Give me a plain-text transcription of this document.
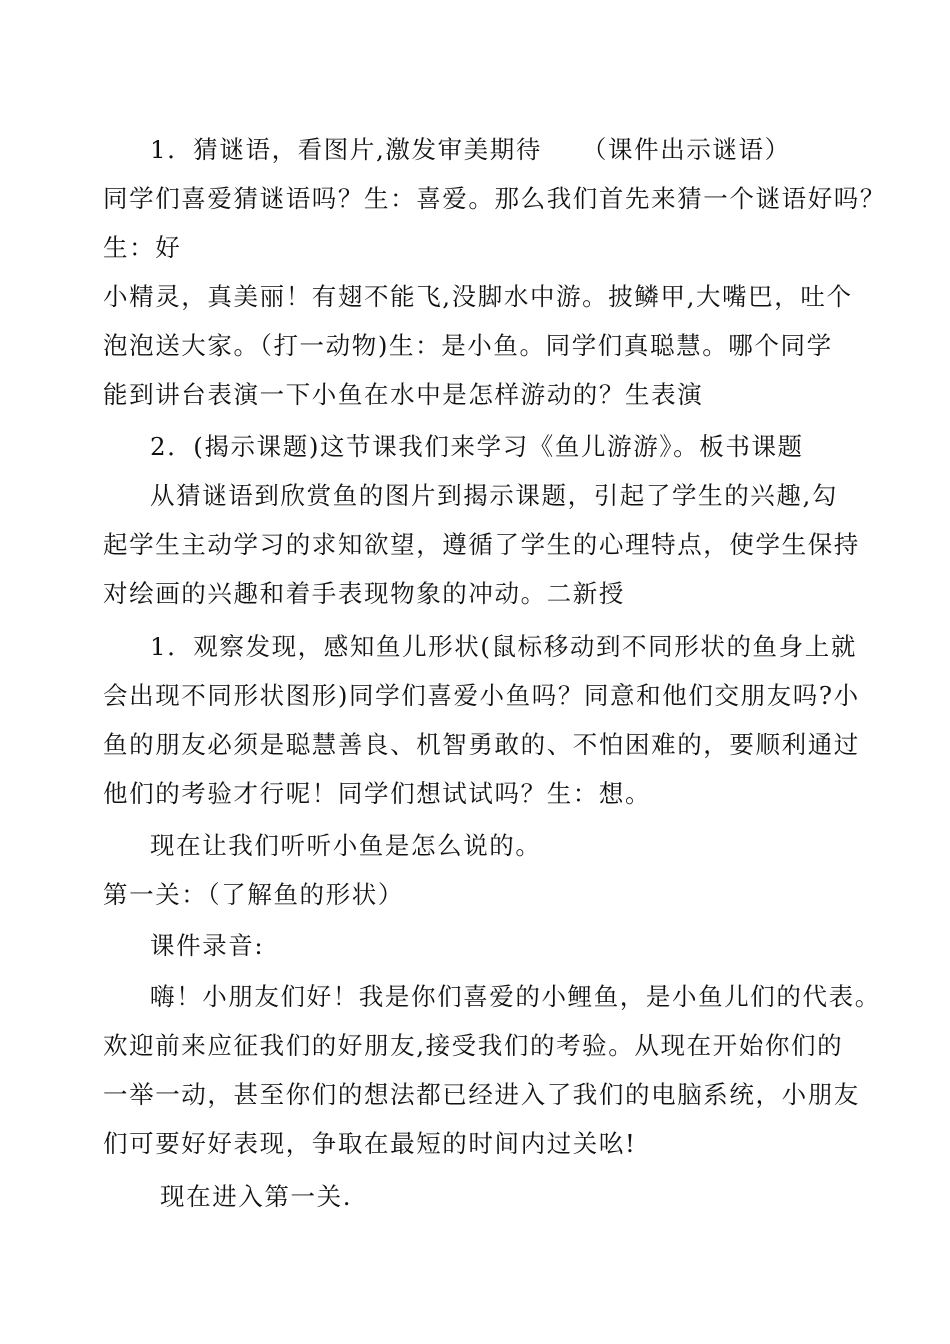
1．猜谜语，看图片,激发审美期待　　（课件出示谜语）
同学们喜爱猜谜语吗？生：喜爱。那么我们首先来猜一个谜语好吗？
生：好
小精灵，真美丽！有翅不能飞,没脚水中游。披鳞甲,大嘴巴，吐个
泡泡送大家。（打一动物)生：是小鱼。同学们真聪慧。哪个同学
能到讲台表演一下小鱼在水中是怎样游动的？生表演
2．(揭示课题)这节课我们来学习《鱼儿游游》。板书课题
从猜谜语到欣赏鱼的图片到揭示课题，引起了学生的兴趣,勾
起学生主动学习的求知欲望，遵循了学生的心理特点，使学生保持
对绘画的兴趣和着手表现物象的冲动。二新授
1．观察发现，感知鱼儿形状(鼠标移动到不同形状的鱼身上就
会出现不同形状图形)同学们喜爱小鱼吗？同意和他们交朋友吗?小
鱼的朋友必须是聪慧善良、机智勇敢的、不怕困难的，要顺利通过
他们的考验才行呢！同学们想试试吗？生：想。
现在让我们听听小鱼是怎么说的。
第一关：（了解鱼的形状）
课件录音:
嗨！小朋友们好！我是你们喜爱的小鲤鱼，是小鱼儿们的代表。
欢迎前来应征我们的好朋友,接受我们的考验。从现在开始你们的
一举一动，甚至你们的想法都已经进入了我们的电脑系统，小朋友
们可要好好表现，争取在最短的时间内过关吆!
现在进入第一关.
